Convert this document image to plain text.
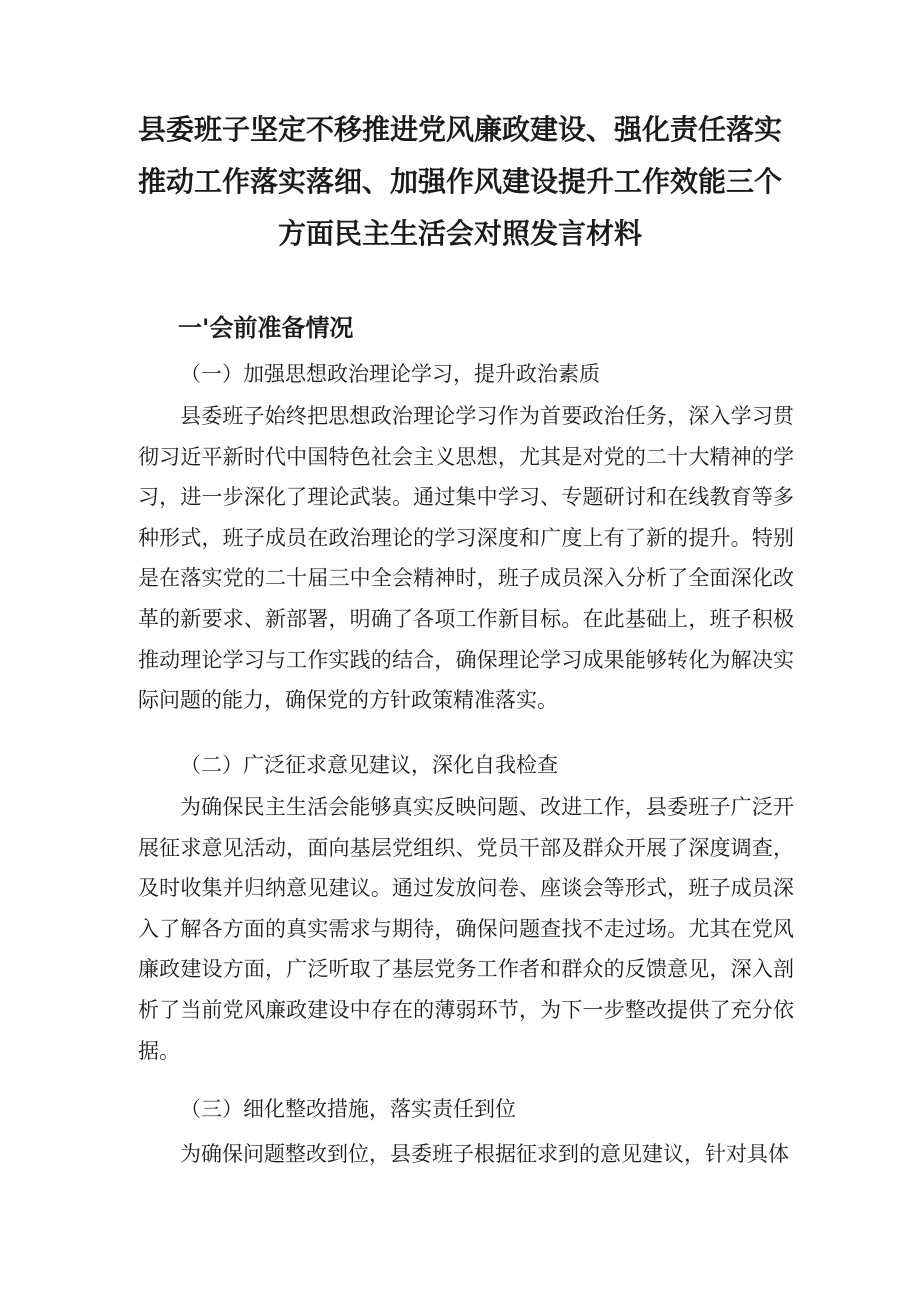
县委班子坚定不移推进党风廉政建设、强化责任落实
推动工作落实落细、加强作风建设提升工作效能三个
方面民主生活会对照发言材料
一'会前准备情况
（一）加强思想政治理论学习，提升政治素质

县委班子始终把思想政治理论学习作为首要政治任务，深入学习贯彻习近平新时代中国特色社会主义思想，尤其是对党的二十大精神的学习，进一步深化了理论武装。通过集中学习、专题研讨和在线教育等多种形式，班子成员在政治理论的学习深度和广度上有了新的提升。特别是在落实党的二十届三中全会精神时，班子成员深入分析了全面深化改革的新要求、新部署，明确了各项工作新目标。在此基础上，班子积极推动理论学习与工作实践的结合，确保理论学习成果能够转化为解决实际问题的能力，确保党的方针政策精准落实。

（二）广泛征求意见建议，深化自我检查

为确保民主生活会能够真实反映问题、改进工作，县委班子广泛开展征求意见活动，面向基层党组织、党员干部及群众开展了深度调查，及时收集并归纳意见建议。通过发放问卷、座谈会等形式，班子成员深入了解各方面的真实需求与期待，确保问题查找不走过场。尤其在党风廉政建设方面，广泛听取了基层党务工作者和群众的反馈意见，深入剖析了当前党风廉政建设中存在的薄弱环节，为下一步整改提供了充分依据。

（三）细化整改措施，落实责任到位

为确保问题整改到位，县委班子根据征求到的意见建议，针对具体
